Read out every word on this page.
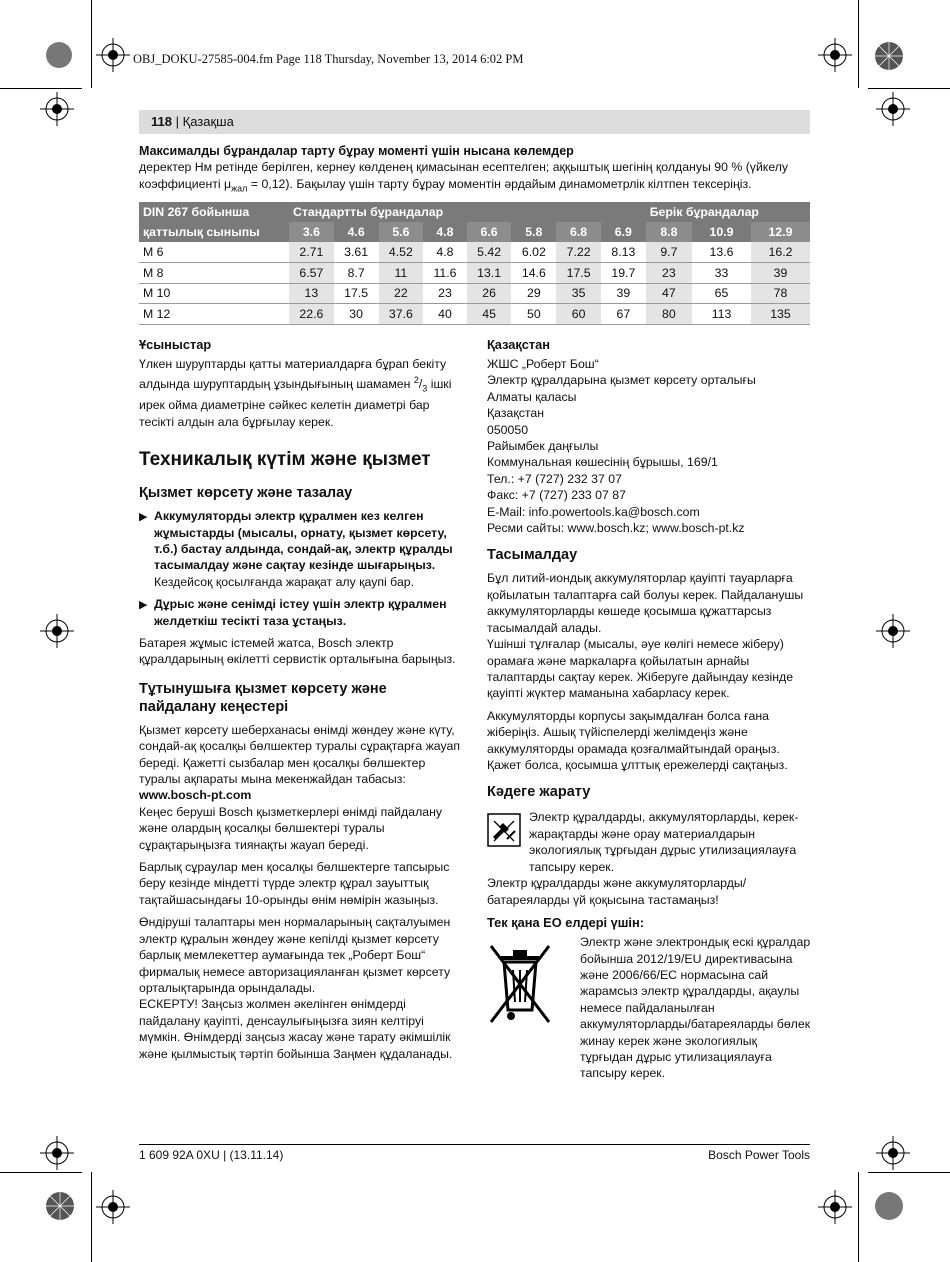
OBJ_DOKU-27585-004.fm Page 118 Thursday, November 13, 2014 6:02 PM
118 | Қазақша

Максималды бұрандалар тарту бұрау моменті үшін нысана көлемдер

деректер Нм ретінде берілген, кернеу көлденең қимасынан есептелген; аққыштық шегінің қолдануы 90 % (үйкелу коэффициенті $\mu_{жал} = 0,12$). Бақылау үшін тарту бұрау моментін әрдайым динамометрлік кілтпен тексеріңіз.

DIN 267 бойынша	Стандартты бұрандалар								Берік бұрандалар		
қаттылық сыныпы	3.6	4.6	5.6	4.8	6.6	5.8	6.8	6.9	8.8	10.9	12.9
M 6	2.71	3.61	4.52	4.8	5.42	6.02	7.22	8.13	9.7	13.6	16.2
M 8	6.57	8.7	11	11.6	13.1	14.6	17.5	19.7	23	33	39
M 10	13	17.5	22	23	26	29	35	39	47	65	78
M 12	22.6	30	37.6	40	45	50	60	67	80	113	135
Ұсыныстар

Үлкен шуруптарды қатты материалдарға бұрап бекіту алдында шуруптардың ұзындығының шамамен $^2/_3$ ішкі ирек ойма диаметріне сәйкес келетін диаметрі бар тесікті алдын ала бұрғылау керек.

Техникалық күтім және қызмет
Қызмет көрсету және тазалау
▶ Аккумуляторды электр құралмен кез келген жұмыстарды (мысалы, орнату, қызмет көрсету, т.б.) бастау алдында, сондай-ақ, электр құралды тасымалдау және сақтау кезінде шығарыңыз. Кездейсоқ қосылғанда жарақат алу қаупі бар.
▶ Дұрыс және сенімді істеу үшін электр құралмен желдеткіш тесікті таза ұстаңыз.

Батарея жұмыс істемей жатса, Bosch электр құралдарының өкілетті сервистік орталығына барыңыз.

Тұтынушыға қызмет көрсету және пайдалану кеңестері

Қызмет көрсету шеберханасы өнімді жөндеу және күту, сондай-ақ қосалқы бөлшектер туралы сұрақтарға жауап береді. Қажетті сызбалар мен қосалқы бөлшектер туралы ақпараты мына мекенжайдан табасыз:
www.bosch-pt.com
Кеңес беруші Bosch қызметкерлері өнімді пайдалану және олардың қосалқы бөлшектері туралы сұрақтарыңызға тиянақты жауап береді.

Барлық сұраулар мен қосалқы бөлшектерге тапсырыс беру кезінде міндетті түрде электр құрал зауыттық тақтайшасындағы 10-орынды өнім нөмірін жазыңыз.

Өндіруші талаптары мен нормаларының сақталуымен электр құралын жөндеу және кепілді қызмет көрсету барлық мемлекеттер аумағында тек „Роберт Бош“ фирмалық немесе авторизацияланған қызмет көрсету орталықтарында орындалады.
ЕСКЕРТУ! Заңсыз жолмен әкелінген өнімдерді пайдалану қауіпті, денсаулығыңызға зиян келтіруі мүмкін. Өнімдерді заңсыз жасау және тарату әкімшілік және қылмыстық тәртіп бойынша Заңмен құдаланады.

Қазақстан
ЖШС „Роберт Бош“
Электр құралдарына қызмет көрсету орталығы
Алматы қаласы
Қазақстан
050050
Райымбек даңғылы
Коммунальная көшесінің бұрышы, 169/1
Тел.: +7 (727) 232 37 07
Факс: +7 (727) 233 07 87
E-Mail: info.powertools.ka@bosch.com
Ресми сайты: www.bosch.kz; www.bosch-pt.kz
Тасымалдау

Бұл литий-иондық аккумуляторлар қауіпті тауарларға қойылатын талаптарға сай болуы керек. Пайдаланушы аккумуляторларды көшеде қосымша құжаттарсыз тасымалдай алады.

Үшінші тұлғалар (мысалы, әуе көлігі немесе жіберу) орамаға және маркаларға қойылатын арнайы талаптарды сақтау керек. Жіберуге дайындау кезінде қауіпті жүктер маманына хабарласу керек.

Аккумуляторды корпусы зақымдалған болса ғана жіберіңіз. Ашық түйіспелерді желімдеңіз және аккумуляторды орамада қозғалмайтындай ораңыз. Қажет болса, қосымша ұлттық ережелерді сақтаңыз.

Кәдеге жарату

Электр құралдарды, аккумуляторларды, керек-жарақтарды және орау материалдарын экологиялық тұрғыдан дұрыс утилизациялауға тапсыру керек.

Электр құралдарды және аккумуляторларды/батареяларды үй қоқысына тастамаңыз!

Тек қана ЕО елдері үшін:

Электр және электрондық ескі құралдар бойынша 2012/19/EU директивасына және 2006/66/EC нормасына сай жарамсыз электр құралдарды, ақаулы немесе пайдаланылған аккумуляторларды/батареяларды бөлек жинау керек және экологиялық тұрғыдан дұрыс утилизациялауға тапсыру керек.

1 609 92A 0XU | (13.11.14)	Bosch Power Tools
